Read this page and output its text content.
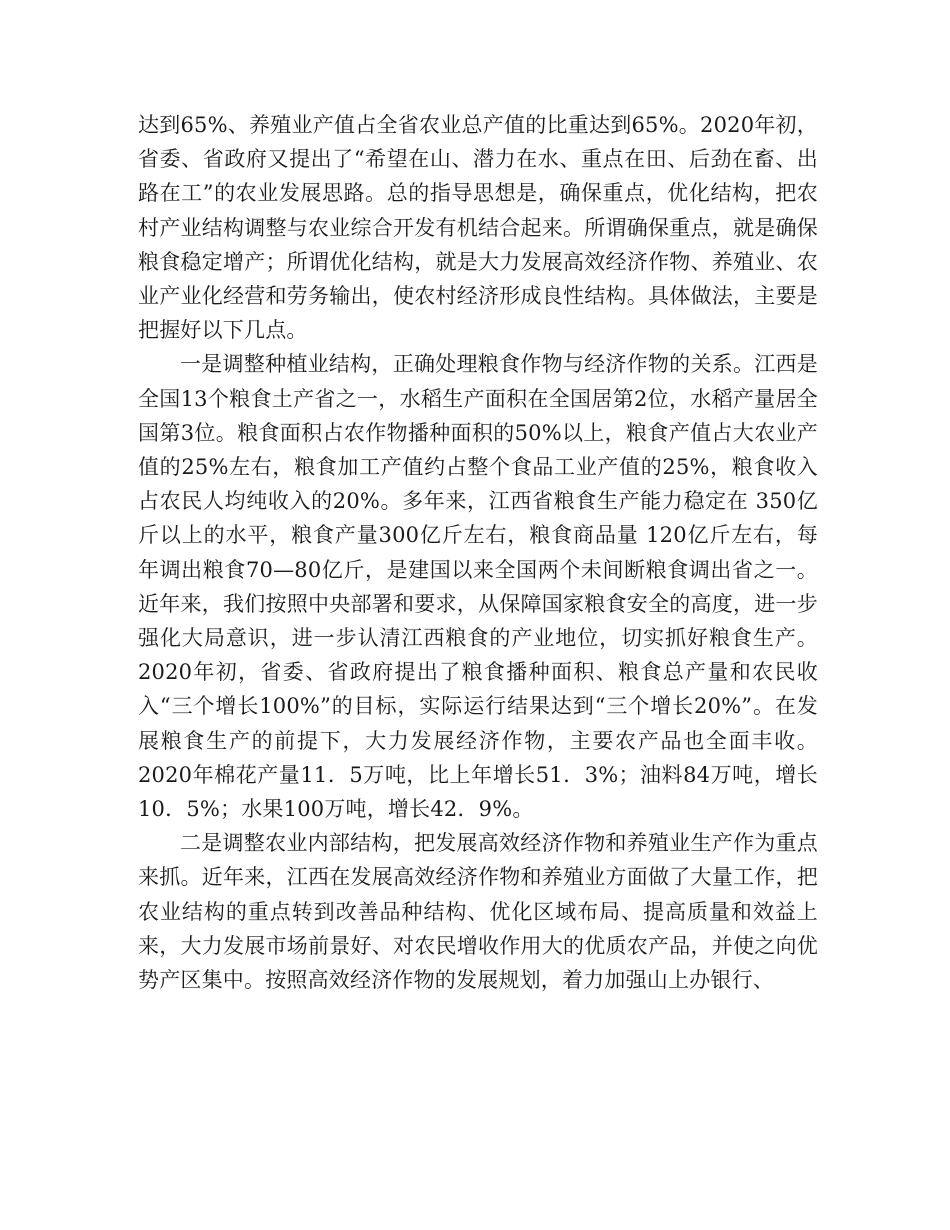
达到65%、养殖业产值占全省农业总产值的比重达到65%。2020年初，省委、省政府又提出了“希望在山、潜力在水、重点在田、后劲在畜、出路在工”的农业发展思路。总的指导思想是，确保重点，优化结构，把农村产业结构调整与农业综合开发有机结合起来。所谓确保重点，就是确保粮食稳定增产；所谓优化结构，就是大力发展高效经济作物、养殖业、农业产业化经营和劳务输出，使农村经济形成良性结构。具体做法，主要是把握好以下几点。

一是调整种植业结构，正确处理粮食作物与经济作物的关系。江西是全国13个粮食土产省之一，水稻生产面积在全国居第2位，水稻产量居全国第3位。粮食面积占农作物播种面积的50%以上，粮食产值占大农业产值的25%左右，粮食加工产值约占整个食品工业产值的25%，粮食收入占农民人均纯收入的20%。多年来，江西省粮食生产能力稳定在 350亿斤以上的水平，粮食产量300亿斤左右，粮食商品量 120亿斤左右，每年调出粮食70—80亿斤，是建国以来全国两个未间断粮食调出省之一。近年来，我们按照中央部署和要求，从保障国家粮食安全的高度，进一步强化大局意识，进一步认清江西粮食的产业地位，切实抓好粮食生产。2020年初，省委、省政府提出了粮食播种面积、粮食总产量和农民收入“三个增长100%”的目标，实际运行结果达到“三个增长20%”。在发展粮食生产的前提下，大力发展经济作物，主要农产品也全面丰收。2020年棉花产量11．5万吨，比上年增长51．3%；油料84万吨，增长10．5%；水果100万吨，增长42．9%。

二是调整农业内部结构，把发展高效经济作物和养殖业生产作为重点来抓。近年来，江西在发展高效经济作物和养殖业方面做了大量工作，把农业结构的重点转到改善品种结构、优化区域布局、提高质量和效益上来，大力发展市场前景好、对农民增收作用大的优质农产品，并使之向优势产区集中。按照高效经济作物的发展规划，着力加强山上办银行、
